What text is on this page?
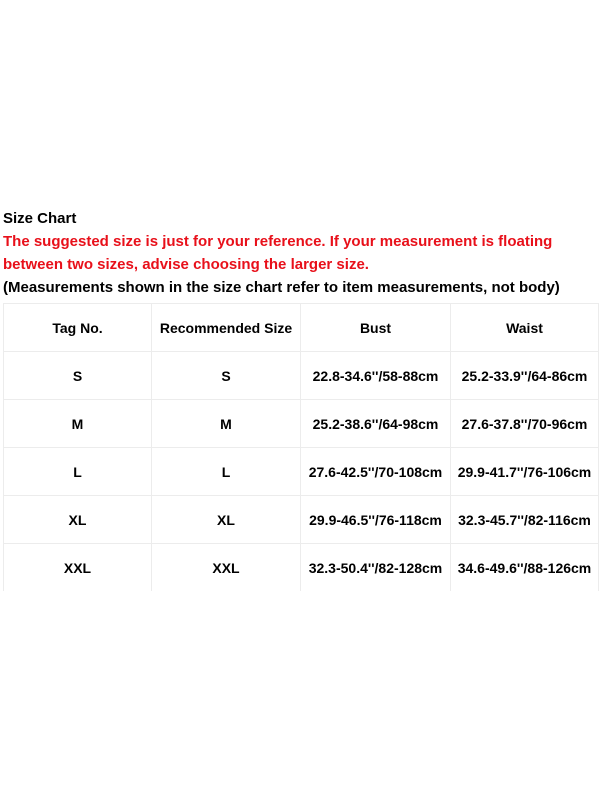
Size Chart
The suggested size is just for your reference. If your measurement is floating
between two sizes, advise choosing the larger size.
(Measurements shown in the size chart refer to item measurements, not body)
Tag No.	Recommended Size	Bust	Waist
S	S	22.8-34.6''/58-88cm	25.2-33.9''/64-86cm
M	M	25.2-38.6''/64-98cm	27.6-37.8''/70-96cm
L	L	27.6-42.5''/70-108cm	29.9-41.7''/76-106cm
XL	XL	29.9-46.5''/76-118cm	32.3-45.7''/82-116cm
XXL	XXL	32.3-50.4''/82-128cm	34.6-49.6''/88-126cm
